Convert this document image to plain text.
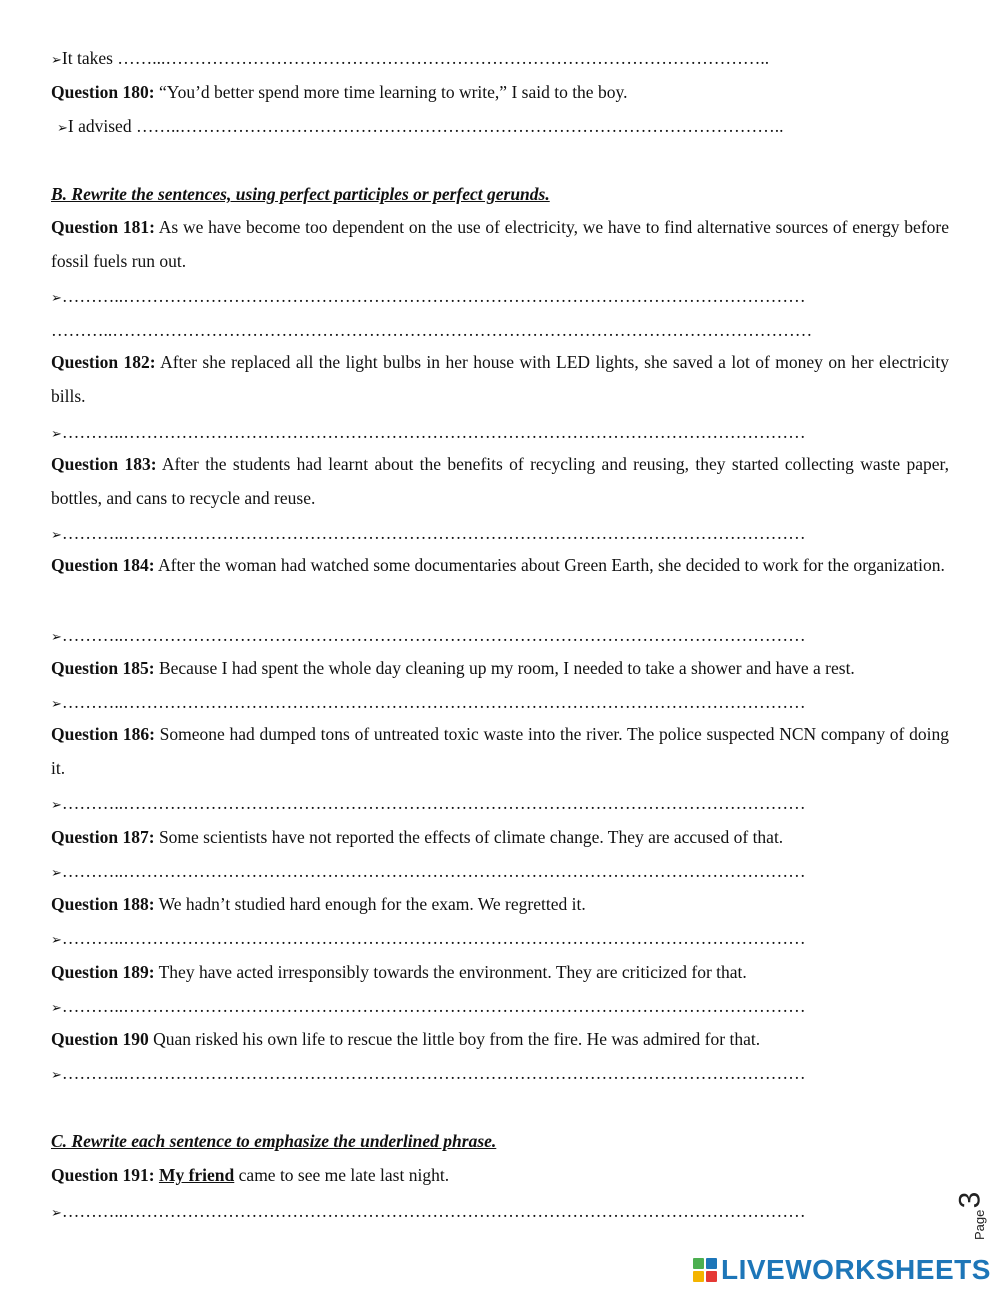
➢It takes ……...…………………………………………………………………………………………..
Question 180: “You’d better spend more time learning to write,” I said to the boy.
➢I advised ……..…………………………………………………………………………………………..
B. Rewrite the sentences, using perfect participles or perfect gerunds.
Question 181: As we have become too dependent on the use of electricity, we have to find alternative sources of energy before fossil fuels run out.
➢………..………………………………………………………………………………………………………
………..…………………………………………………………………………………………………………
Question 182: After she replaced all the light bulbs in her house with LED lights, she saved a lot of money on her electricity bills.
➢………..………………………………………………………………………………………………………
Question 183: After the students had learnt about the benefits of recycling and reusing, they started collecting waste paper, bottles, and cans to recycle and reuse.
➢………..………………………………………………………………………………………………………
Question 184: After the woman had watched some documentaries about Green Earth, she decided to work for the organization.
➢………..………………………………………………………………………………………………………
Question 185: Because I had spent the whole day cleaning up my room, I needed to take a shower and have a rest.
➢………..………………………………………………………………………………………………………
Question 186: Someone had dumped tons of untreated toxic waste into the river. The police suspected NCN company of doing it.
➢………..………………………………………………………………………………………………………
Question 187: Some scientists have not reported the effects of climate change. They are accused of that.
➢………..………………………………………………………………………………………………………
Question 188: We hadn’t studied hard enough for the exam. We regretted it.
➢………..………………………………………………………………………………………………………
Question 189: They have acted irresponsibly towards the environment. They are criticized for that.
➢………..………………………………………………………………………………………………………
Question 190 Quan risked his own life to rescue the little boy from the fire. He was admired for that.
➢………..………………………………………………………………………………………………………
C. Rewrite each sentence to emphasize the underlined phrase.
Question 191: My friend came to see me late last night.
➢………..………………………………………………………………………………………………………	Page
3
LIVEWORKSHEETS
